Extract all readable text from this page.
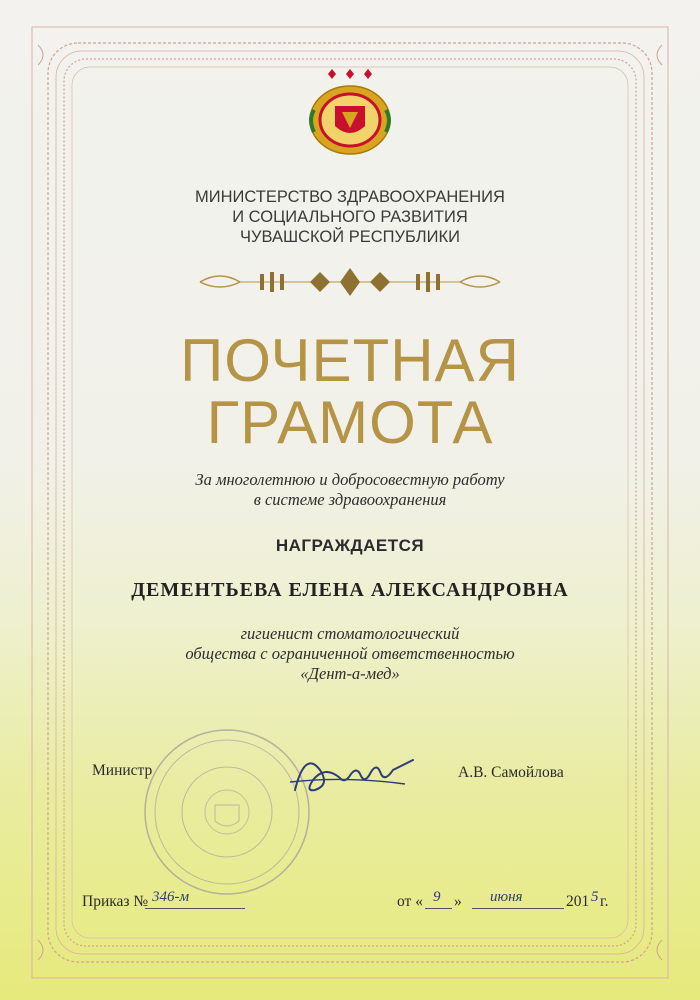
МИНИСТЕРСТВО ЗДРАВООХРАНЕНИЯ
И СОЦИАЛЬНОГО РАЗВИТИЯ
ЧУВАШСКОЙ РЕСПУБЛИКИ
ПОЧЕТНАЯ
ГРАМОТА
За многолетнюю и добросовестную работу
в системе здравоохранения
НАГРАЖДАЕТСЯ
ДЕМЕНТЬЕВА ЕЛЕНА АЛЕКСАНДРОВНА
гигиенист стоматологический
общества с ограниченной ответственностью
«Дент-а-мед»
Министр	А.В. Самойлова
Приказ № 346-м	от « 9 » июня	201 5 г.
